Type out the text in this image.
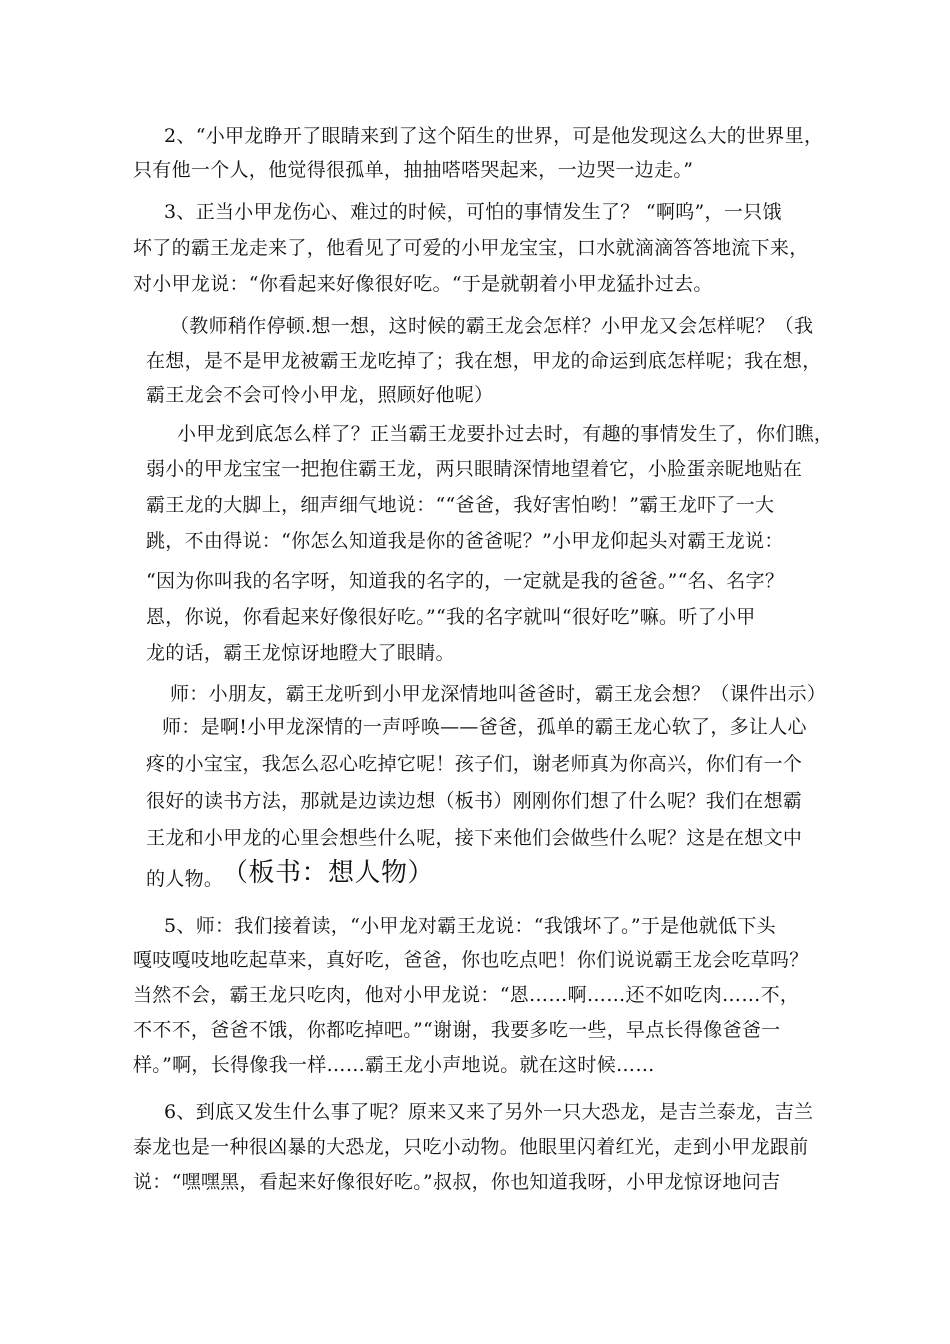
2、“小甲龙睁开了眼睛来到了这个陌生的世界，可是他发现这么大的世界里，
只有他一个人，他觉得很孤单，抽抽嗒嗒哭起来，一边哭一边走。”
3、正当小甲龙伤心、难过的时候，可怕的事情发生了？ “啊呜”，一只饿
坏了的霸王龙走来了，他看见了可爱的小甲龙宝宝，口水就滴滴答答地流下来，
对小甲龙说：“你看起来好像很好吃。“于是就朝着小甲龙猛扑过去。
（教师稍作停顿.想一想，这时候的霸王龙会怎样？小甲龙又会怎样呢？（我
在想，是不是甲龙被霸王龙吃掉了；我在想，甲龙的命运到底怎样呢；我在想，
霸王龙会不会可怜小甲龙，照顾好他呢）
小甲龙到底怎么样了？正当霸王龙要扑过去时，有趣的事情发生了，你们瞧，
弱小的甲龙宝宝一把抱住霸王龙，两只眼睛深情地望着它，小脸蛋亲昵地贴在
霸王龙的大脚上，细声细气地说：““爸爸，我好害怕哟！”霸王龙吓了一大
跳，不由得说：“你怎么知道我是你的爸爸呢？”小甲龙仰起头对霸王龙说：
“因为你叫我的名字呀，知道我的名字的，一定就是我的爸爸。”“名、名字？
恩，你说，你看起来好像很好吃。”“我的名字就叫“很好吃”嘛。听了小甲
龙的话，霸王龙惊讶地瞪大了眼睛。
师：小朋友，霸王龙听到小甲龙深情地叫爸爸时，霸王龙会想？（课件出示）
师：是啊!小甲龙深情的一声呼唤——爸爸，孤单的霸王龙心软了，多让人心
疼的小宝宝，我怎么忍心吃掉它呢！孩子们，谢老师真为你高兴，你们有一个
很好的读书方法，那就是边读边想（板书）刚刚你们想了什么呢？我们在想霸
王龙和小甲龙的心里会想些什么呢，接下来他们会做些什么呢？这是在想文中
的人物。
（板书：想人物）
5、师：我们接着读，“小甲龙对霸王龙说：“我饿坏了。”于是他就低下头
嘎吱嘎吱地吃起草来，真好吃，爸爸，你也吃点吧！你们说说霸王龙会吃草吗？
当然不会，霸王龙只吃肉，他对小甲龙说：“恩……啊……还不如吃肉……不，
不不不，爸爸不饿，你都吃掉吧。”“谢谢，我要多吃一些，早点长得像爸爸一
样。”啊，长得像我一样……霸王龙小声地说。就在这时候……
6、到底又发生什么事了呢？原来又来了另外一只大恐龙，是吉兰泰龙，吉兰
泰龙也是一种很凶暴的大恐龙，只吃小动物。他眼里闪着红光，走到小甲龙跟前
说：“嘿嘿黑，看起来好像很好吃。”叔叔，你也知道我呀，小甲龙惊讶地问吉
